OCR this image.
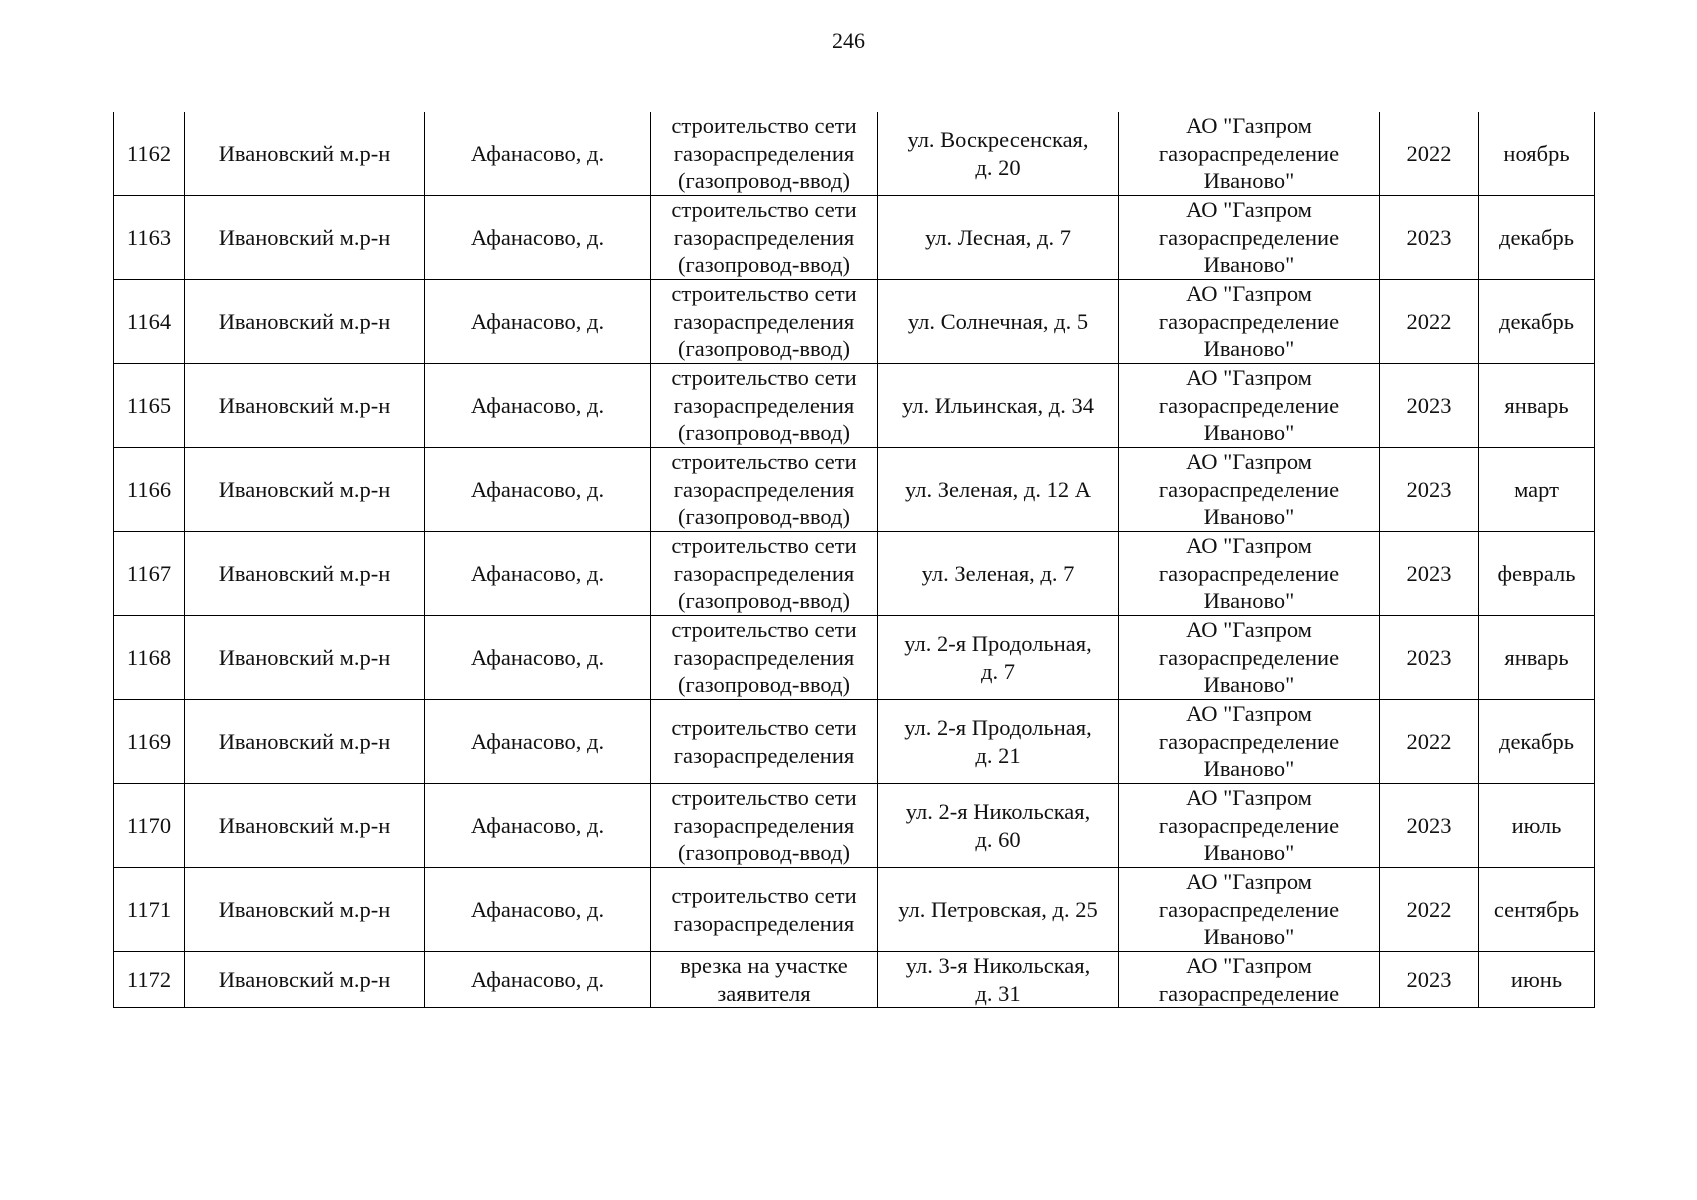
246
1162	Ивановский м.р-н	Афанасово, д.	строительство сети
газораспределения
(газопровод-ввод)	ул. Воскресенская,
д. 20	АО "Газпром
газораспределение
Иваново"	2022	ноябрь
1163	Ивановский м.р-н	Афанасово, д.	строительство сети
газораспределения
(газопровод-ввод)	ул. Лесная, д. 7	АО "Газпром
газораспределение
Иваново"	2023	декабрь
1164	Ивановский м.р-н	Афанасово, д.	строительство сети
газораспределения
(газопровод-ввод)	ул. Солнечная, д. 5	АО "Газпром
газораспределение
Иваново"	2022	декабрь
1165	Ивановский м.р-н	Афанасово, д.	строительство сети
газораспределения
(газопровод-ввод)	ул. Ильинская, д. 34	АО "Газпром
газораспределение
Иваново"	2023	январь
1166	Ивановский м.р-н	Афанасово, д.	строительство сети
газораспределения
(газопровод-ввод)	ул. Зеленая, д. 12 А	АО "Газпром
газораспределение
Иваново"	2023	март
1167	Ивановский м.р-н	Афанасово, д.	строительство сети
газораспределения
(газопровод-ввод)	ул. Зеленая, д. 7	АО "Газпром
газораспределение
Иваново"	2023	февраль
1168	Ивановский м.р-н	Афанасово, д.	строительство сети
газораспределения
(газопровод-ввод)	ул. 2-я Продольная,
д. 7	АО "Газпром
газораспределение
Иваново"	2023	январь
1169	Ивановский м.р-н	Афанасово, д.	строительство сети
газораспределения	ул. 2-я Продольная,
д. 21	АО "Газпром
газораспределение
Иваново"	2022	декабрь
1170	Ивановский м.р-н	Афанасово, д.	строительство сети
газораспределения
(газопровод-ввод)	ул. 2-я Никольская,
д. 60	АО "Газпром
газораспределение
Иваново"	2023	июль
1171	Ивановский м.р-н	Афанасово, д.	строительство сети
газораспределения	ул. Петровская, д. 25	АО "Газпром
газораспределение
Иваново"	2022	сентябрь
1172	Ивановский м.р-н	Афанасово, д.	врезка на участке
заявителя	ул. 3-я Никольская,
д. 31	АО "Газпром
газораспределение	2023	июнь
